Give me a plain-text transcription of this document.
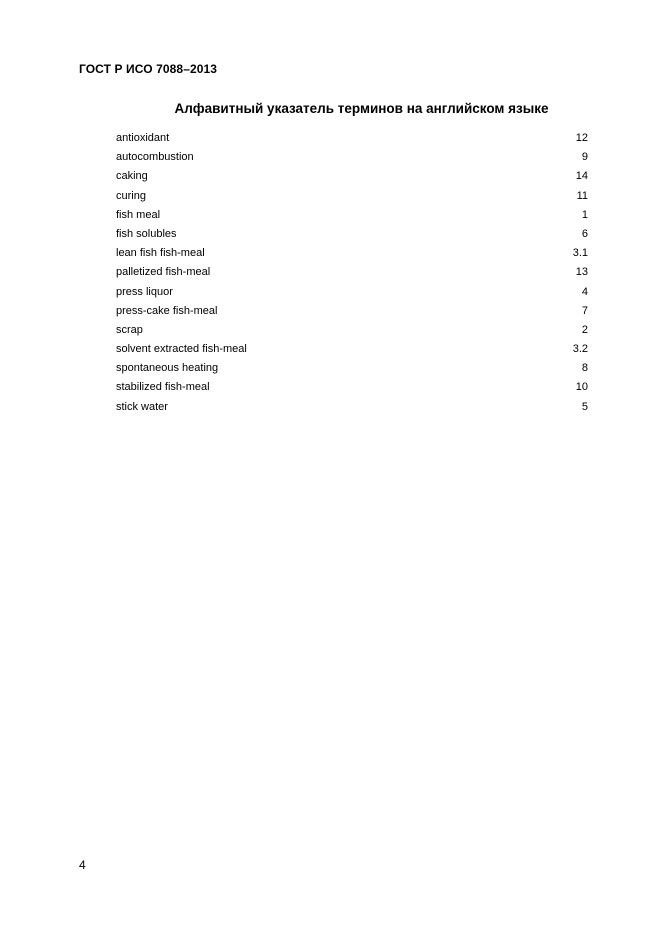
ГОСТ Р ИСО 7088–2013
Алфавитный указатель терминов на английском языке
antioxidant	12
autocombustion	9
caking	14
curing	11
fish meal	1
fish solubles	6
lean fish fish-meal	3.1
palletized fish-meal	13
press liquor	4
press-cake fish-meal	7
scrap	2
solvent extracted fish-meal	3.2
spontaneous heating	8
stabilized fish-meal	10
stick water	5
4
